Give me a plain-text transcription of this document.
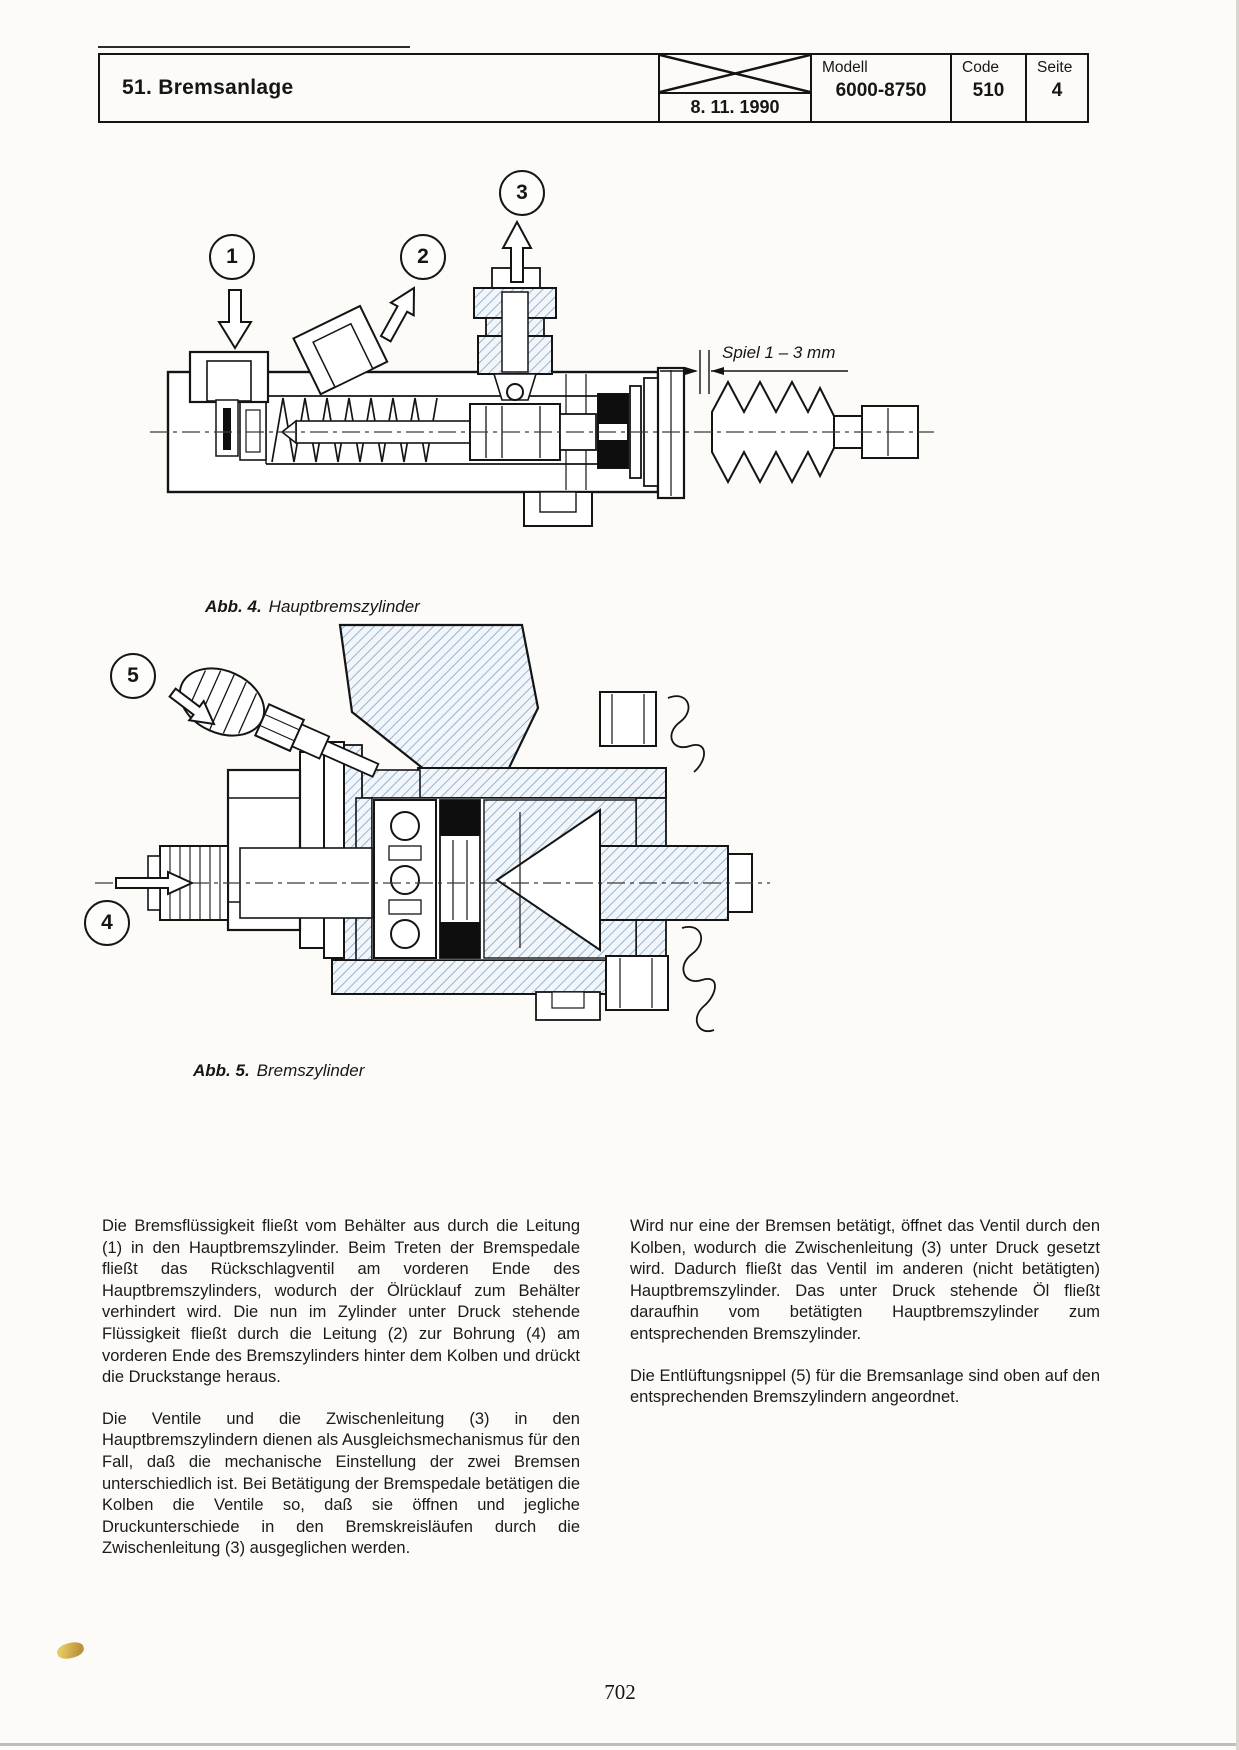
51. Bremsanlage
8. 11. 1990
Modell
6000-8750
Code
510
Seite
4
1	2
3
Spiel 1 – 3 mm
Abb. 4. Hauptbremszylinder
5
4
Abb. 5. Bremszylinder

Die Bremsflüssigkeit fließt vom Behälter aus durch die Leitung (1) in den Hauptbremszylinder. Beim Treten der Bremspedale fließt das Rückschlagventil am vorderen Ende des Hauptbremszylinders, wodurch der Ölrücklauf zum Behälter verhindert wird. Die nun im Zylinder unter Druck stehende Flüssigkeit fließt durch die Leitung (2) zur Bohrung (4) am vorderen Ende des Bremszylinders hinter dem Kolben und drückt die Druckstange heraus.

Die Ventile und die Zwischenleitung (3) in den Hauptbremszylindern dienen als Ausgleichsmechanismus für den Fall, daß die mechanische Einstellung der zwei Bremsen unterschiedlich ist. Bei Betätigung der Bremspedale betätigen die Kolben die Ventile so, daß sie öffnen und jegliche Druckunterschiede in den Bremskreisläufen durch die Zwischenleitung (3) ausgeglichen werden.

Wird nur eine der Bremsen betätigt, öffnet das Ventil durch den Kolben, wodurch die Zwischenleitung (3) unter Druck gesetzt wird. Dadurch fließt das Ventil im anderen (nicht betätigten) Hauptbremszylinder. Das unter Druck stehende Öl fließt daraufhin vom betätigten Hauptbremszylinder zum entsprechenden Bremszylinder.

Die Entlüftungsnippel (5) für die Bremsanlage sind oben auf den entsprechenden Bremszylindern angeordnet.

702
